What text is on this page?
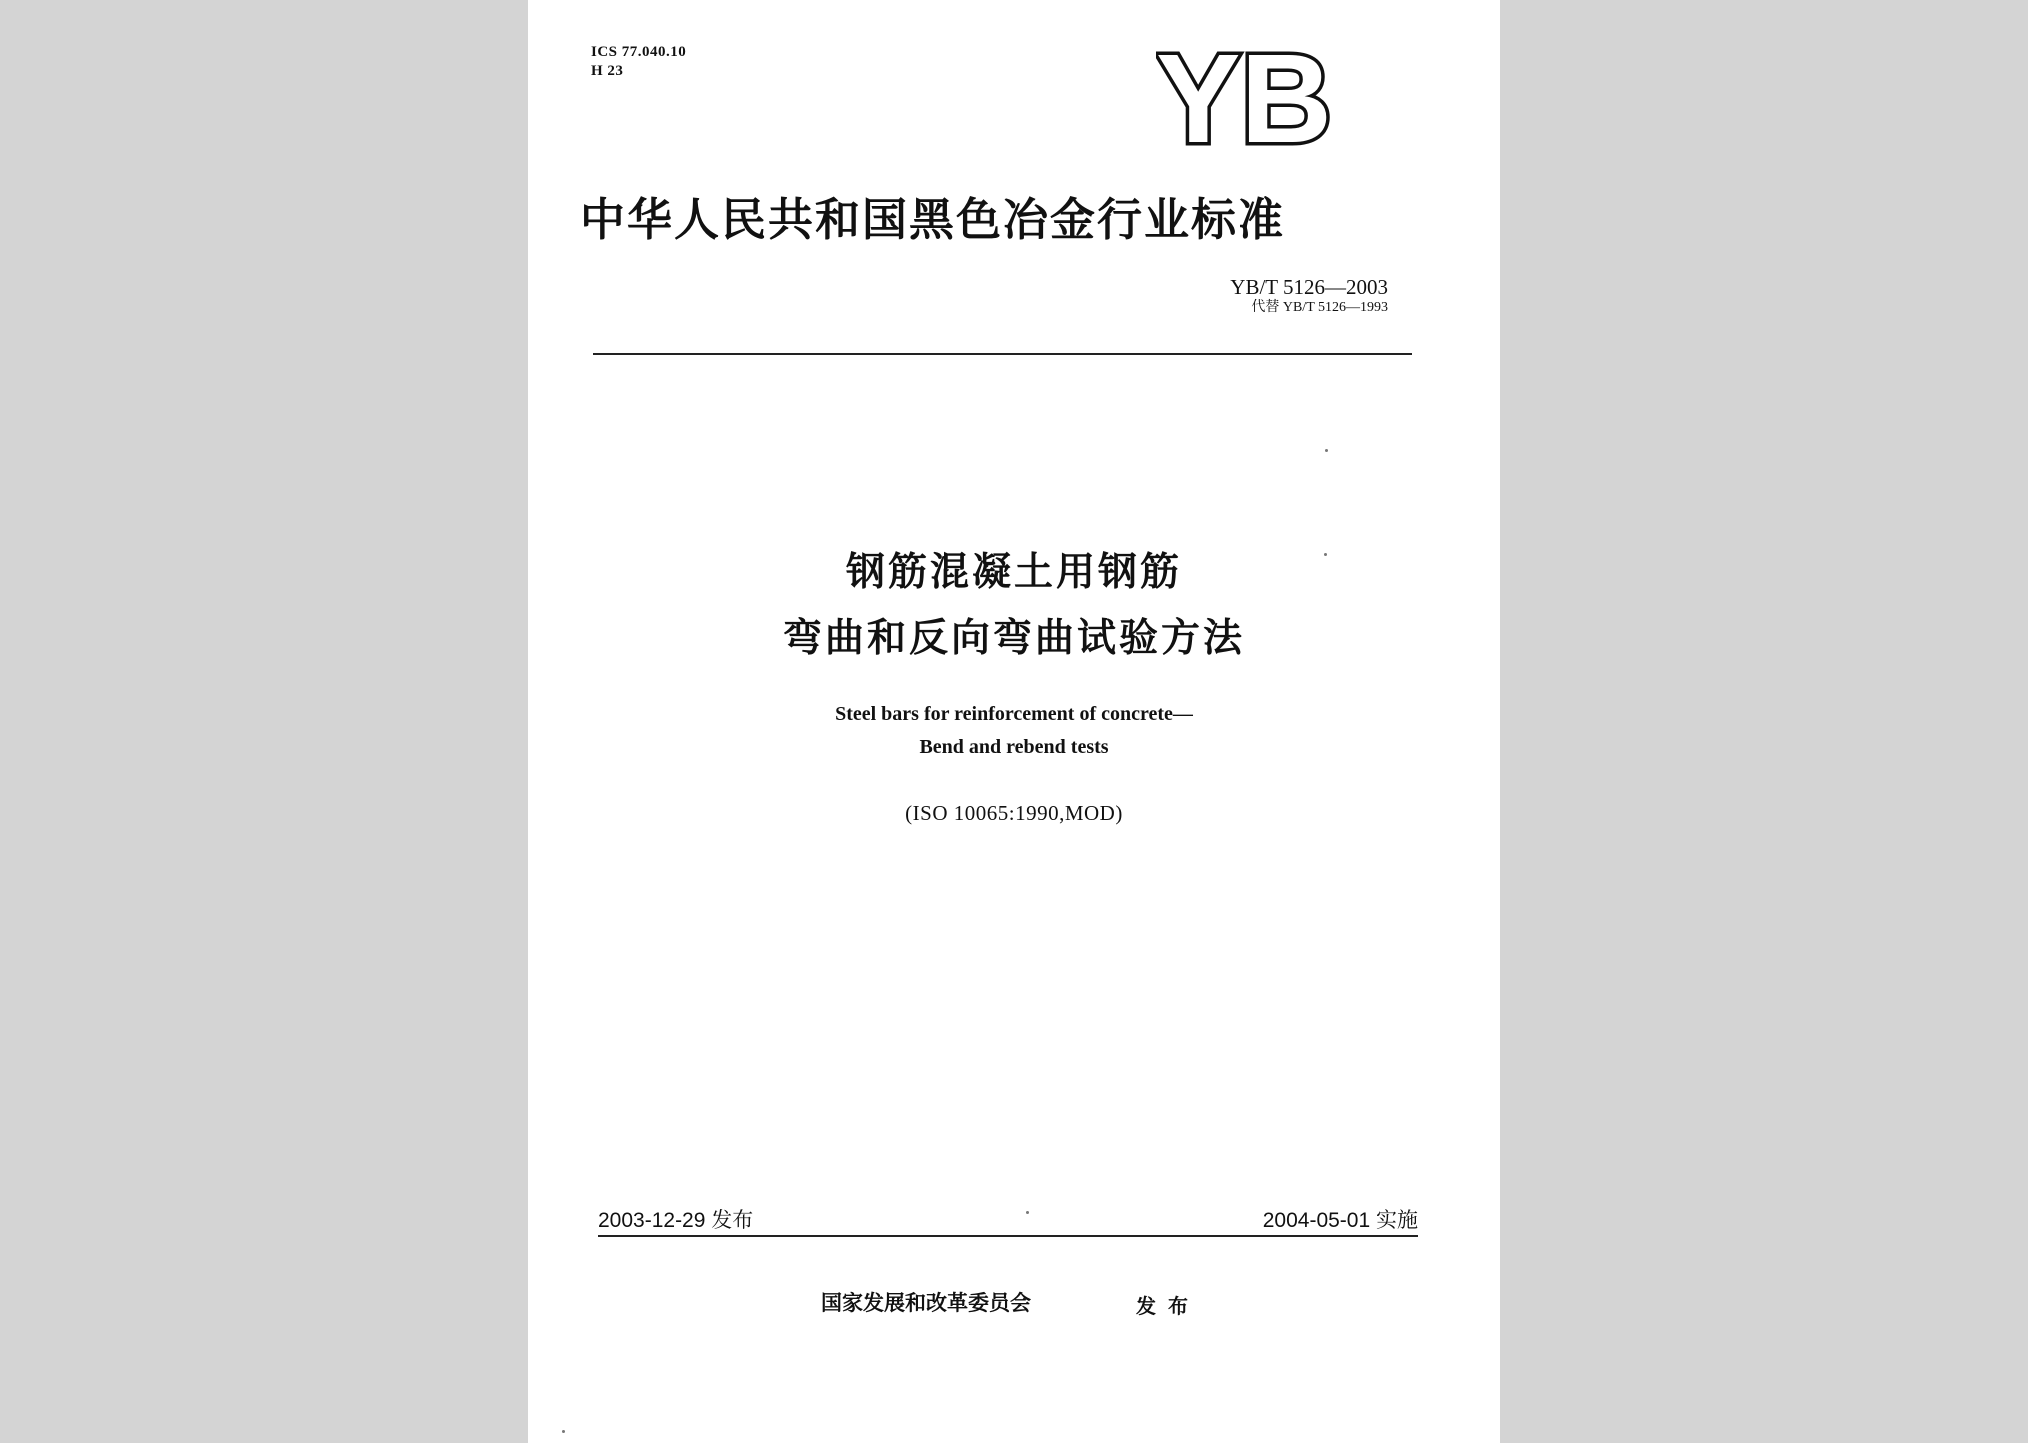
ICS 77.040.10
H 23	YB
中华人民共和国黑色冶金行业标准
YB/T 5126—2003
代替 YB/T 5126—1993
钢筋混凝土用钢筋
弯曲和反向弯曲试验方法
Steel bars for reinforcement of concrete—
Bend and rebend tests
(ISO 10065:1990,MOD)
2003-12-29 发布	2004-05-01 实施
国家发展和改革委员会	发布
